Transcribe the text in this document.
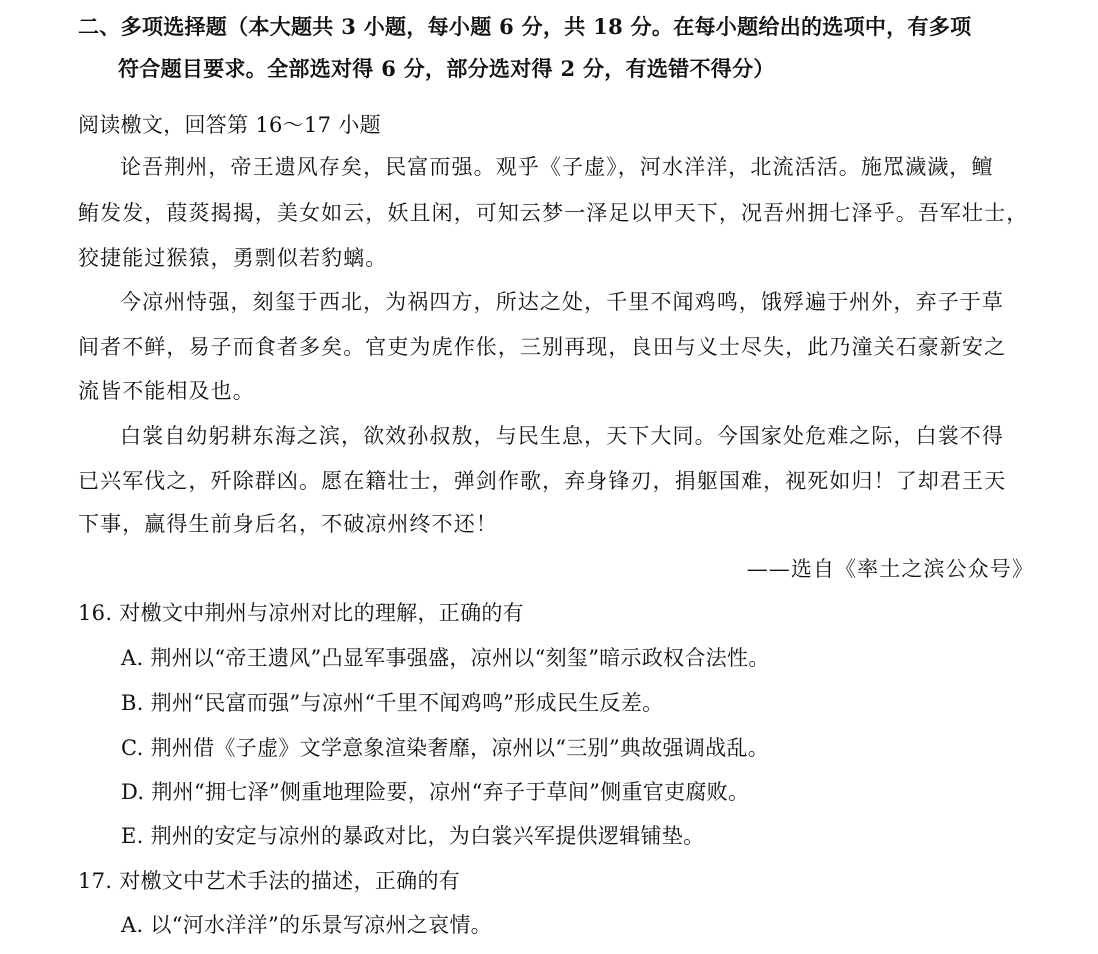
二、多项选择题（本大题共 3 小题，每小题 6 分，共 18 分。在每小题给出的选项中，有多项
符合题目要求。全部选对得 6 分，部分选对得 2 分，有选错不得分）
阅读檄文，回答第 16～17 小题
论吾荆州，帝王遗风存矣，民富而强。观乎《子虚》，河水洋洋，北流活活。施罛濊濊，鳣
鲔发发，葭菼揭揭，美女如云，妖且闲，可知云梦一泽足以甲天下，况吾州拥七泽乎。吾军壮士，
狡捷能过猴猿，勇剽似若豹螭。
今凉州恃强，刻玺于西北，为祸四方，所达之处，千里不闻鸡鸣，饿殍遍于州外，弃子于草
间者不鲜，易子而食者多矣。官吏为虎作伥，三别再现，良田与义士尽失，此乃潼关石豪新安之
流皆不能相及也。
白裳自幼躬耕东海之滨，欲效孙叔敖，与民生息，天下大同。今国家处危难之际，白裳不得
已兴军伐之，歼除群凶。愿在籍壮士，弹剑作歌，弃身锋刃，捐躯国难，视死如归！了却君王天
下事，赢得生前身后名，不破凉州终不还！
——选自《率土之滨公众号》
16. 对檄文中荆州与凉州对比的理解，正确的有
A. 荆州以“帝王遗风”凸显军事强盛，凉州以“刻玺”暗示政权合法性。
B. 荆州“民富而强”与凉州“千里不闻鸡鸣”形成民生反差。
C. 荆州借《子虚》文学意象渲染奢靡，凉州以“三别”典故强调战乱。
D. 荆州“拥七泽”侧重地理险要，凉州“弃子于草间”侧重官吏腐败。
E. 荆州的安定与凉州的暴政对比，为白裳兴军提供逻辑铺垫。
17. 对檄文中艺术手法的描述，正确的有
A. 以“河水洋洋”的乐景写凉州之哀情。
